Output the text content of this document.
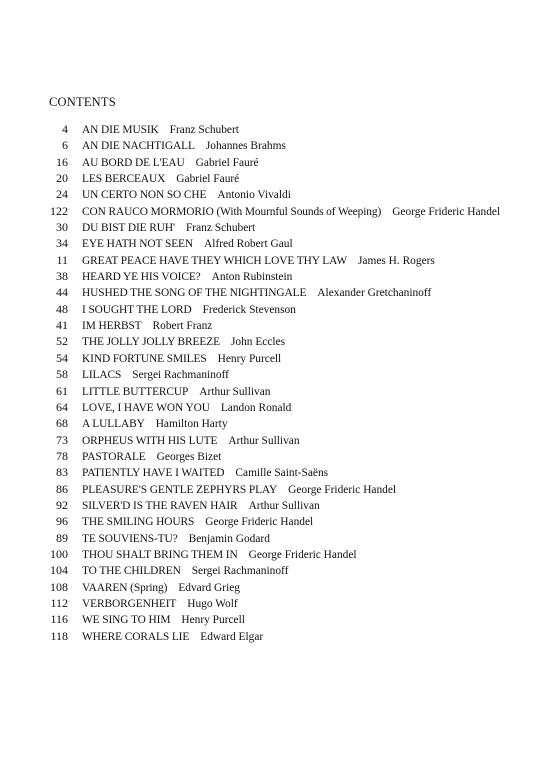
CONTENTS
4 AN DIE MUSIK Franz Schubert
6 AN DIE NACHTIGALL Johannes Brahms
16 AU BORD DE L'EAU Gabriel Fauré
20 LES BERCEAUX Gabriel Fauré
24 UN CERTO NON SO CHE Antonio Vivaldi
122 CON RAUCO MORMORIO (With Mournful Sounds of Weeping) George Frideric Handel
30 DU BIST DIE RUH' Franz Schubert
34 EYE HATH NOT SEEN Alfred Robert Gaul
11 GREAT PEACE HAVE THEY WHICH LOVE THY LAW James H. Rogers
38 HEARD YE HIS VOICE? Anton Rubinstein
44 HUSHED THE SONG OF THE NIGHTINGALE Alexander Gretchaninoff
48 I SOUGHT THE LORD Frederick Stevenson
41 IM HERBST Robert Franz
52 THE JOLLY JOLLY BREEZE John Eccles
54 KIND FORTUNE SMILES Henry Purcell
58 LILACS Sergei Rachmaninoff
61 LITTLE BUTTERCUP Arthur Sullivan
64 LOVE, I HAVE WON YOU Landon Ronald
68 A LULLABY Hamilton Harty
73 ORPHEUS WITH HIS LUTE Arthur Sullivan
78 PASTORALE Georges Bizet
83 PATIENTLY HAVE I WAITED Camille Saint-Saëns
86 PLEASURE'S GENTLE ZEPHYRS PLAY George Frideric Handel
92 SILVER'D IS THE RAVEN HAIR Arthur Sullivan
96 THE SMILING HOURS George Frideric Handel
89 TE SOUVIENS-TU? Benjamin Godard
100 THOU SHALT BRING THEM IN George Frideric Handel
104 TO THE CHILDREN Sergei Rachmaninoff
108 VAAREN (Spring) Edvard Grieg
112 VERBORGENHEIT Hugo Wolf
116 WE SING TO HIM Henry Purcell
118 WHERE CORALS LIE Edward Elgar
